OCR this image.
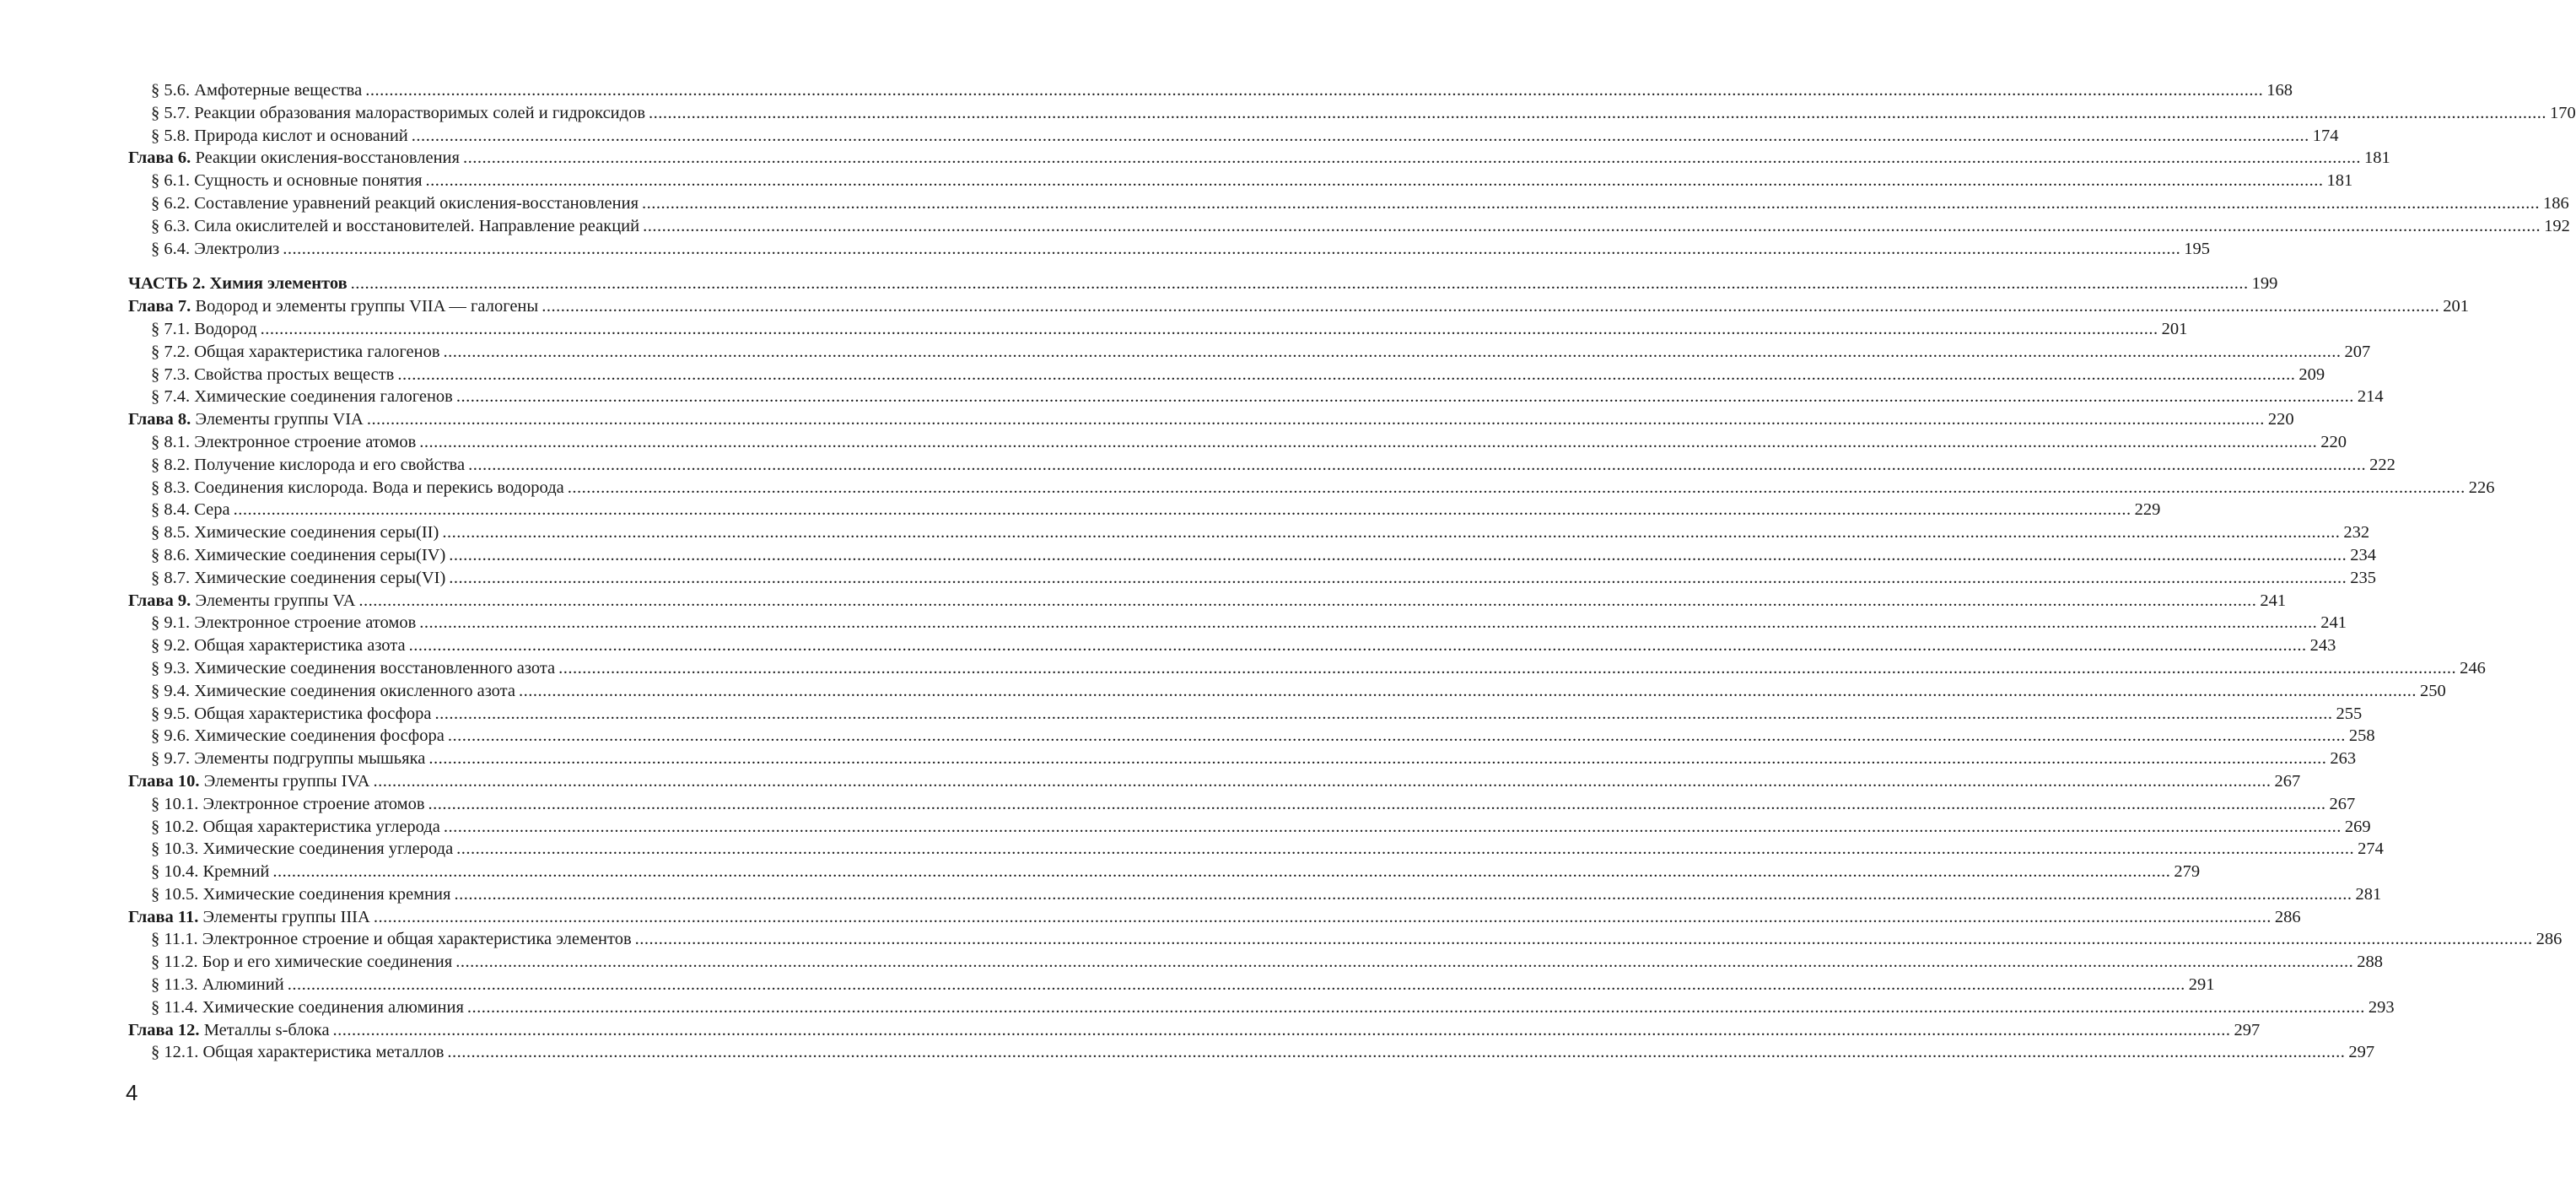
§ 5.6. Амфотерные вещества ................................................................................................................................................................................................................................................................................................................................................................................................................ 168
§ 5.7. Реакции образования малорастворимых солей и гидроксидов ................................................................................................................................................................................................................................................................................................................................................................................................................ 170
§ 5.8. Природа кислот и оснований ................................................................................................................................................................................................................................................................................................................................................................................................................ 174
Глава 6. Реакции окисления-восстановления ................................................................................................................................................................................................................................................................................................................................................................................................................ 181
§ 6.1. Сущность и основные понятия ................................................................................................................................................................................................................................................................................................................................................................................................................ 181
§ 6.2. Составление уравнений реакций окисления-восстановления ................................................................................................................................................................................................................................................................................................................................................................................................................ 186
§ 6.3. Сила окислителей и восстановителей. Направление реакций ................................................................................................................................................................................................................................................................................................................................................................................................................ 192
§ 6.4. Электролиз ................................................................................................................................................................................................................................................................................................................................................................................................................ 195
ЧАСТЬ 2. Химия элементов ................................................................................................................................................................................................................................................................................................................................................................................................................ 199
Глава 7. Водород и элементы группы VIIA — галогены ................................................................................................................................................................................................................................................................................................................................................................................................................ 201
§ 7.1. Водород ................................................................................................................................................................................................................................................................................................................................................................................................................ 201
§ 7.2. Общая характеристика галогенов ................................................................................................................................................................................................................................................................................................................................................................................................................ 207
§ 7.3. Свойства простых веществ ................................................................................................................................................................................................................................................................................................................................................................................................................ 209
§ 7.4. Химические соединения галогенов ................................................................................................................................................................................................................................................................................................................................................................................................................ 214
Глава 8. Элементы группы VIA ................................................................................................................................................................................................................................................................................................................................................................................................................ 220
§ 8.1. Электронное строение атомов ................................................................................................................................................................................................................................................................................................................................................................................................................ 220
§ 8.2. Получение кислорода и его свойства ................................................................................................................................................................................................................................................................................................................................................................................................................ 222
§ 8.3. Соединения кислорода. Вода и перекись водорода ................................................................................................................................................................................................................................................................................................................................................................................................................ 226
§ 8.4. Сера ................................................................................................................................................................................................................................................................................................................................................................................................................ 229
§ 8.5. Химические соединения серы(II) ................................................................................................................................................................................................................................................................................................................................................................................................................ 232
§ 8.6. Химические соединения серы(IV) ................................................................................................................................................................................................................................................................................................................................................................................................................ 234
§ 8.7. Химические соединения серы(VI) ................................................................................................................................................................................................................................................................................................................................................................................................................ 235
Глава 9. Элементы группы VA ................................................................................................................................................................................................................................................................................................................................................................................................................ 241
§ 9.1. Электронное строение атомов ................................................................................................................................................................................................................................................................................................................................................................................................................ 241
§ 9.2. Общая характеристика азота ................................................................................................................................................................................................................................................................................................................................................................................................................ 243
§ 9.3. Химические соединения восстановленного азота ................................................................................................................................................................................................................................................................................................................................................................................................................ 246
§ 9.4. Химические соединения окисленного азота ................................................................................................................................................................................................................................................................................................................................................................................................................ 250
§ 9.5. Общая характеристика фосфора ................................................................................................................................................................................................................................................................................................................................................................................................................ 255
§ 9.6. Химические соединения фосфора ................................................................................................................................................................................................................................................................................................................................................................................................................ 258
§ 9.7. Элементы подгруппы мышьяка ................................................................................................................................................................................................................................................................................................................................................................................................................ 263
Глава 10. Элементы группы IVA ................................................................................................................................................................................................................................................................................................................................................................................................................ 267
§ 10.1. Электронное строение атомов ................................................................................................................................................................................................................................................................................................................................................................................................................ 267
§ 10.2. Общая характеристика углерода ................................................................................................................................................................................................................................................................................................................................................................................................................ 269
§ 10.3. Химические соединения углерода ................................................................................................................................................................................................................................................................................................................................................................................................................ 274
§ 10.4. Кремний ................................................................................................................................................................................................................................................................................................................................................................................................................ 279
§ 10.5. Химические соединения кремния ................................................................................................................................................................................................................................................................................................................................................................................................................ 281
Глава 11. Элементы группы IIIA ................................................................................................................................................................................................................................................................................................................................................................................................................ 286
§ 11.1. Электронное строение и общая характеристика элементов ................................................................................................................................................................................................................................................................................................................................................................................................................ 286
§ 11.2. Бор и его химические соединения ................................................................................................................................................................................................................................................................................................................................................................................................................ 288
§ 11.3. Алюминий ................................................................................................................................................................................................................................................................................................................................................................................................................ 291
§ 11.4. Химические соединения алюминия ................................................................................................................................................................................................................................................................................................................................................................................................................ 293
Глава 12. Металлы s-блока ................................................................................................................................................................................................................................................................................................................................................................................................................ 297
§ 12.1. Общая характеристика металлов ................................................................................................................................................................................................................................................................................................................................................................................................................ 297
4
